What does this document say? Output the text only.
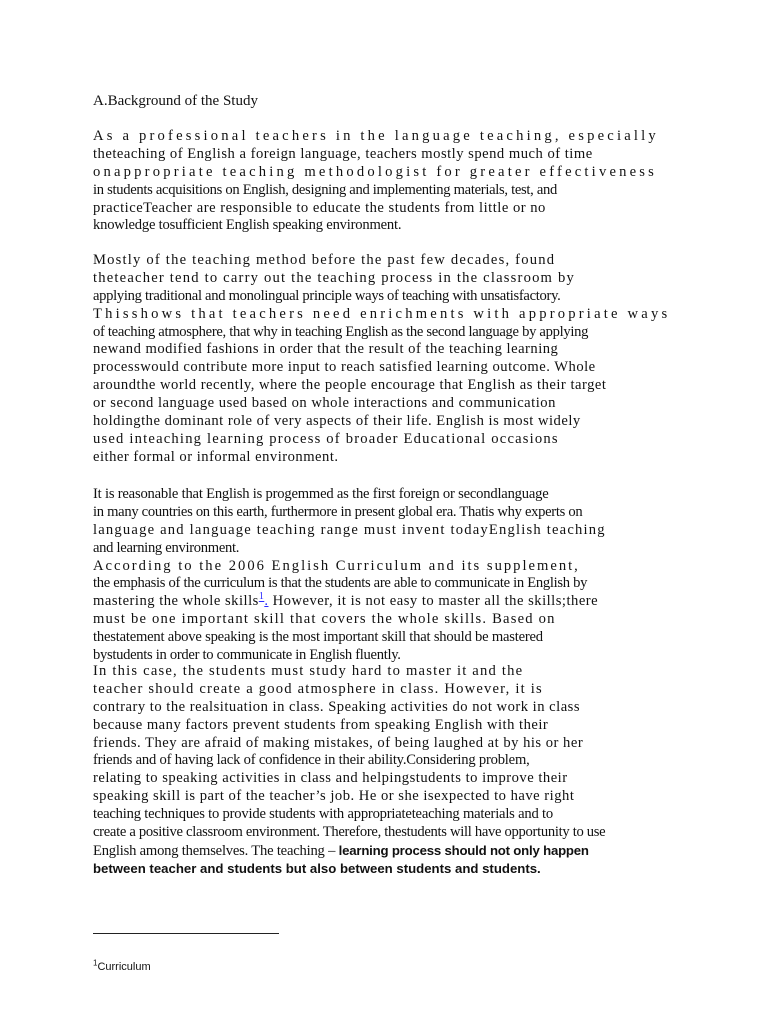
A.Background of the Study
As a professional teachers in the language teaching, especially
theteaching of English a foreign language, teachers mostly spend much of time
onappropriate teaching methodologist for greater effectiveness
in students acquisitions on English, designing and implementing materials, test, and
practiceTeacher are responsible to educate the students from little or no
knowledge tosufficient English speaking environment.
Mostly of the teaching method before the past few decades, found
theteacher tend to carry out the teaching process in the classroom by
applying traditional and monolingual principle ways of teaching with unsatisfactory.
Thisshows that teachers need enrichments with appropriate ways
of teaching atmosphere, that why in teaching English as the second language by applying
newand modified fashions in order that the result of the teaching learning
processwould contribute more input to reach satisfied learning outcome. Whole
aroundthe world recently, where the people encourage that English as their target
or second language used based on whole interactions and communication
holdingthe dominant role of very aspects of their life. English is most widely
used inteaching learning process of broader Educational occasions
either formal or informal environment.
It is reasonable that English is progemmed as the first foreign or secondlanguage
in many countries on this earth, furthermore in present global era. Thatis why experts on
language and language teaching range must invent todayEnglish teaching
and learning environment.
According to the 2006 English Curriculum and its supplement,
the emphasis of the curriculum is that the students are able to communicate in English by
mastering the whole skills$^1$. However, it is not easy to master all the skills;there
must be one important skill that covers the whole skills. Based on
thestatement above speaking is the most important skill that should be mastered
bystudents in order to communicate in English fluently.
In this case, the students must study hard to master it and the
teacher should create a good atmosphere in class. However, it is
contrary to the realsituation in class. Speaking activities do not work in class
because many factors prevent students from speaking English with their
friends. They are afraid of making mistakes, of being laughed at by his or her
friends and of having lack of confidence in their ability.Considering problem,
relating to speaking activities in class and helpingstudents to improve their
speaking skill is part of the teacher’s job. He or she isexpected to have right
teaching techniques to provide students with appropriateteaching materials and to
create a positive classroom environment. Therefore, thestudents will have opportunity to use
English among themselves. The teaching – learning process should not only happen
between teacher and students but also between students and students.
$^1$Curriculum
